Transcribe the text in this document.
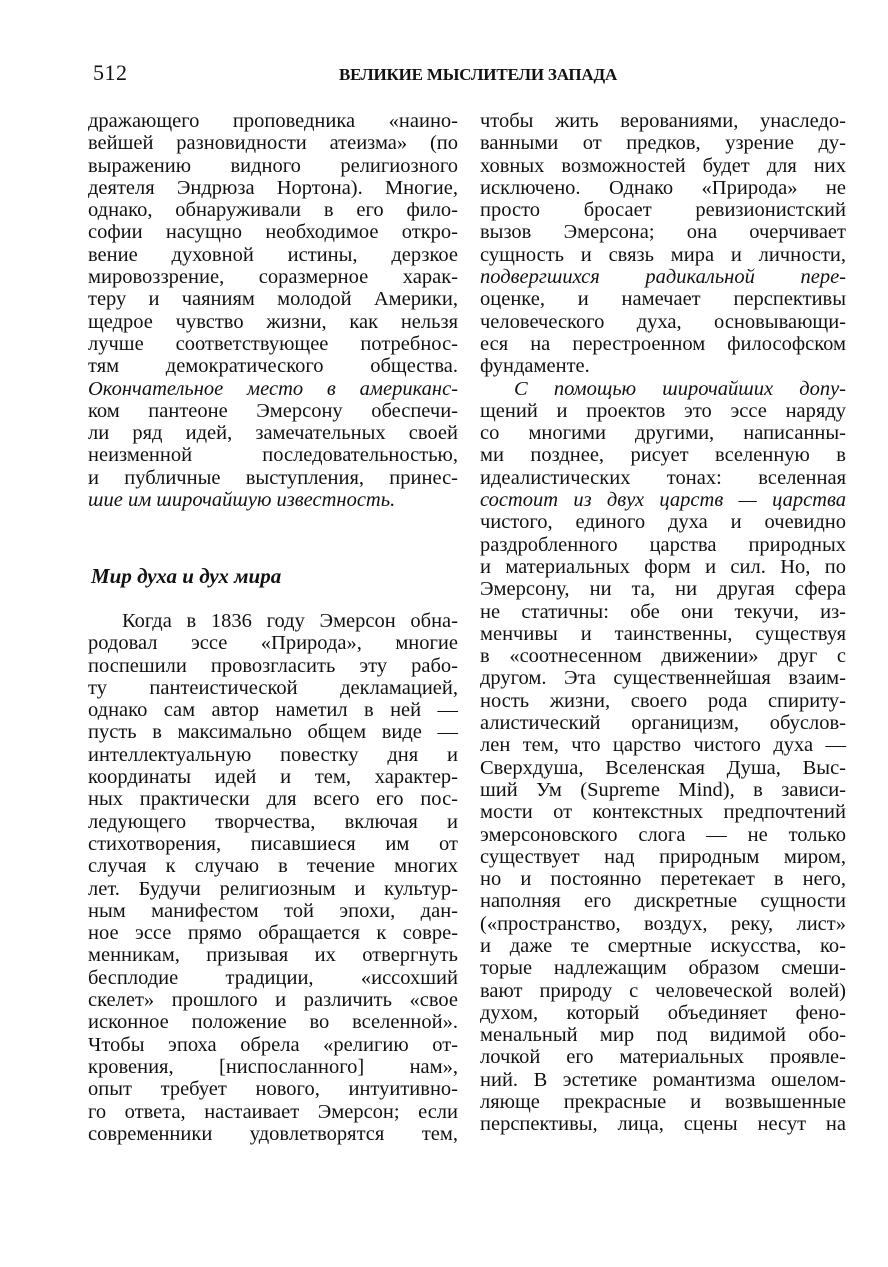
512	ВЕЛИКИЕ МЫСЛИТЕЛИ ЗАПАДА
дражающего проповедника «наино-
вейшей разновидности атеизма» (по
выражению видного религиозного
деятеля Эндрюза Нортона). Многие,
однако, обнаруживали в его фило-
софии насущно необходимое откро-
вение духовной истины, дерзкое
мировоззрение, соразмерное харак-
теру и чаяниям молодой Америки,
щедрое чувство жизни, как нельзя
лучше соответствующее потребнос-
тям демократического общества.
Окончательное место в американс-
ком пантеоне Эмерсону обеспечи-
ли ряд идей, замечательных своей
неизменной последовательностью,
и публичные выступления, принес-
шие им широчайшую известность.
Мир духа и дух мира
Когда в 1836 году Эмерсон обна-
родовал эссе «Природа», многие
поспешили провозгласить эту рабо-
ту пантеистической декламацией,
однако сам автор наметил в ней —
пусть в максимально общем виде —
интеллектуальную повестку дня и
координаты идей и тем, характер-
ных практически для всего его пос-
ледующего творчества, включая и
стихотворения, писавшиеся им от
случая к случаю в течение многих
лет. Будучи религиозным и культур-
ным манифестом той эпохи, дан-
ное эссе прямо обращается к совре-
менникам, призывая их отвергнуть
бесплодие традиции, «иссохший
скелет» прошлого и различить «свое
исконное положение во вселенной».
Чтобы эпоха обрела «религию от-
кровения, [ниспосланного] нам»,
опыт требует нового, интуитивно-
го ответа, настаивает Эмерсон; если
современники удовлетворятся тем,
чтобы жить верованиями, унаследо-
ванными от предков, узрение ду-
ховных возможностей будет для них
исключено. Однако «Природа» не
просто бросает ревизионистский
вызов Эмерсона; она очерчивает
сущность и связь мира и личности,
подвергшихся радикальной пере-
оценке, и намечает перспективы
человеческого духа, основывающи-
еся на перестроенном философском
фундаменте.
С помощью широчайших допу-
щений и проектов это эссе наряду
со многими другими, написанны-
ми позднее, рисует вселенную в
идеалистических тонах: вселенная
состоит из двух царств — царства
чистого, единого духа и очевидно
раздробленного царства природных
и материальных форм и сил. Но, по
Эмерсону, ни та, ни другая сфера
не статичны: обе они текучи, из-
менчивы и таинственны, существуя
в «соотнесенном движении» друг с
другом. Эта существеннейшая взаим-
ность жизни, своего рода спириту-
алистический органицизм, обуслов-
лен тем, что царство чистого духа —
Сверхдуша, Вселенская Душа, Выс-
ший Ум (Supreme Mind), в зависи-
мости от контекстных предпочтений
эмерсоновского слога — не только
существует над природным миром,
но и постоянно перетекает в него,
наполняя его дискретные сущности
(«пространство, воздух, реку, лист»
и даже те смертные искусства, ко-
торые надлежащим образом смеши-
вают природу с человеческой волей)
духом, который объединяет фено-
менальный мир под видимой обо-
лочкой его материальных проявле-
ний. В эстетике романтизма ошелом-
ляюще прекрасные и возвышенные
перспективы, лица, сцены несут на
